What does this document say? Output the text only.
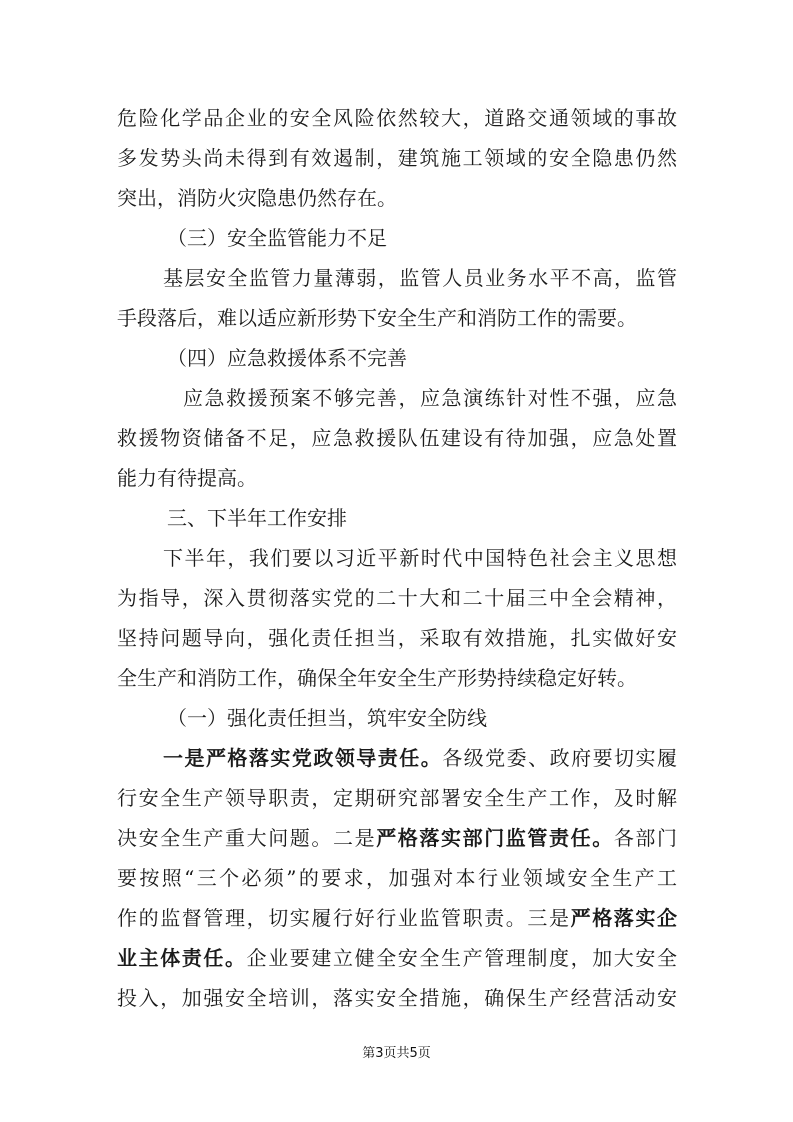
危险化学品企业的安全风险依然较大，道路交通领域的事故
多发势头尚未得到有效遏制，建筑施工领域的安全隐患仍然
突出，消防火灾隐患仍然存在。
（三）安全监管能力不足
基层安全监管力量薄弱，监管人员业务水平不高，监管
手段落后，难以适应新形势下安全生产和消防工作的需要。
（四）应急救援体系不完善
应急救援预案不够完善，应急演练针对性不强，应急
救援物资储备不足，应急救援队伍建设有待加强，应急处置
能力有待提高。
三、下半年工作安排
下半年，我们要以习近平新时代中国特色社会主义思想
为指导，深入贯彻落实党的二十大和二十届三中全会精神，
坚持问题导向，强化责任担当，采取有效措施，扎实做好安
全生产和消防工作，确保全年安全生产形势持续稳定好转。
（一）强化责任担当，筑牢安全防线
一是严格落实党政领导责任。各级党委、政府要切实履
行安全生产领导职责，定期研究部署安全生产工作，及时解
决安全生产重大问题。二是严格落实部门监管责任。各部门
要按照“三个必须”的要求，加强对本行业领域安全生产工
作的监督管理，切实履行好行业监管职责。三是严格落实企
业主体责任。企业要建立健全安全生产管理制度，加大安全
投入，加强安全培训，落实安全措施，确保生产经营活动安
第3页共5页
